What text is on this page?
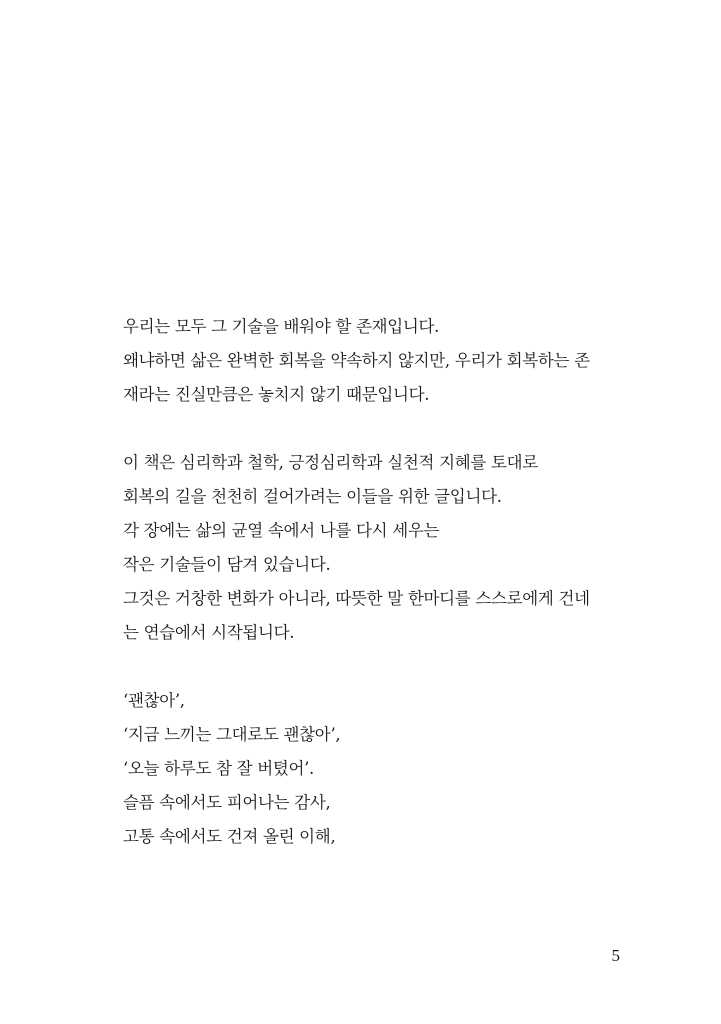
우리는 모두 그 기술을 배워야 할 존재입니다.
왜냐하면 삶은 완벽한 회복을 약속하지 않지만, 우리가 회복하는 존
재라는 진실만큼은 놓치지 않기 때문입니다.
이 책은 심리학과 철학, 긍정심리학과 실천적 지혜를 토대로
회복의 길을 천천히 걸어가려는 이들을 위한 글입니다.
각 장에는 삶의 균열 속에서 나를 다시 세우는
작은 기술들이 담겨 있습니다.
그것은 거창한 변화가 아니라, 따뜻한 말 한마디를 스스로에게 건네
는 연습에서 시작됩니다.
‘괜찮아’,
‘지금 느끼는 그대로도 괜찮아’,
‘오늘 하루도 참 잘 버텼어’.
슬픔 속에서도 피어나는 감사,
고통 속에서도 건져 올린 이해,
5
